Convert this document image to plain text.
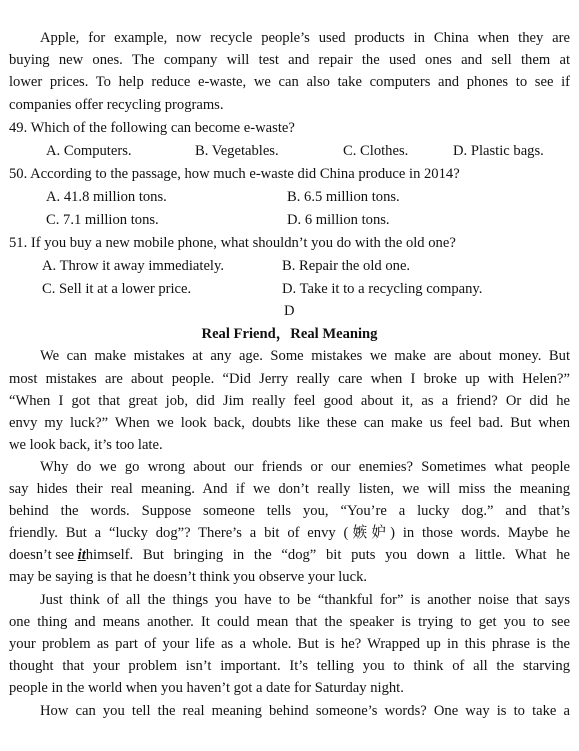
Apple, for example, now recycle people’s used products in China when they are
buying new ones. The company will test and repair the used ones and sell them at
lower prices. To help reduce e-waste, we can also take computers and phones to see if
companies offer recycling programs.
49. Which of the following can become e-waste?
A. Computers.	B. Vegetables.	C. Clothes.	D. Plastic bags.
50. According to the passage, how much e-waste did China produce in 2014?
A. 41.8 million tons.	B. 6.5 million tons.
C. 7.1 million tons.	D. 6 million tons.
51. If you buy a new mobile phone, what shouldn’t you do with the old one?
A. Throw it away immediately.	B. Repair the old one.
C. Sell it at a lower price.	D. Take it to a recycling company.
D
Real Friend，Real Meaning
We can make mistakes at any age. Some mistakes we make are about money. But
most mistakes are about people. “Did Jerry really care when I broke up with Helen?”
“When I got that great job, did Jim really feel good about it, as a friend? Or did he
envy my luck?” When we look back, doubts like these can make us feel bad. But when
we look back, it’s too late.
Why do we go wrong about our friends or our enemies? Sometimes what people
say hides their real meaning. And if we don’t really listen, we will miss the meaning
behind the words. Suppose someone tells you, “You’re a lucky dog.” and that’s
friendly. But a “lucky dog”? There’s a bit of envy (嫉妒) in those words. Maybe he
doesn’t see it himself. But bringing in the “dog” bit puts you down a little. What he
may be saying is that he doesn’t think you observe your luck.
Just think of all the things you have to be “thankful for” is another noise that says
one thing and means another. It could mean that the speaker is trying to get you to see
your problem as part of your life as a whole. But is he? Wrapped up in this phrase is the
thought that your problem isn’t important. It’s telling you to think of all the starving
people in the world when you haven’t got a date for Saturday night.
How can you tell the real meaning behind someone’s words? One way is to take a
